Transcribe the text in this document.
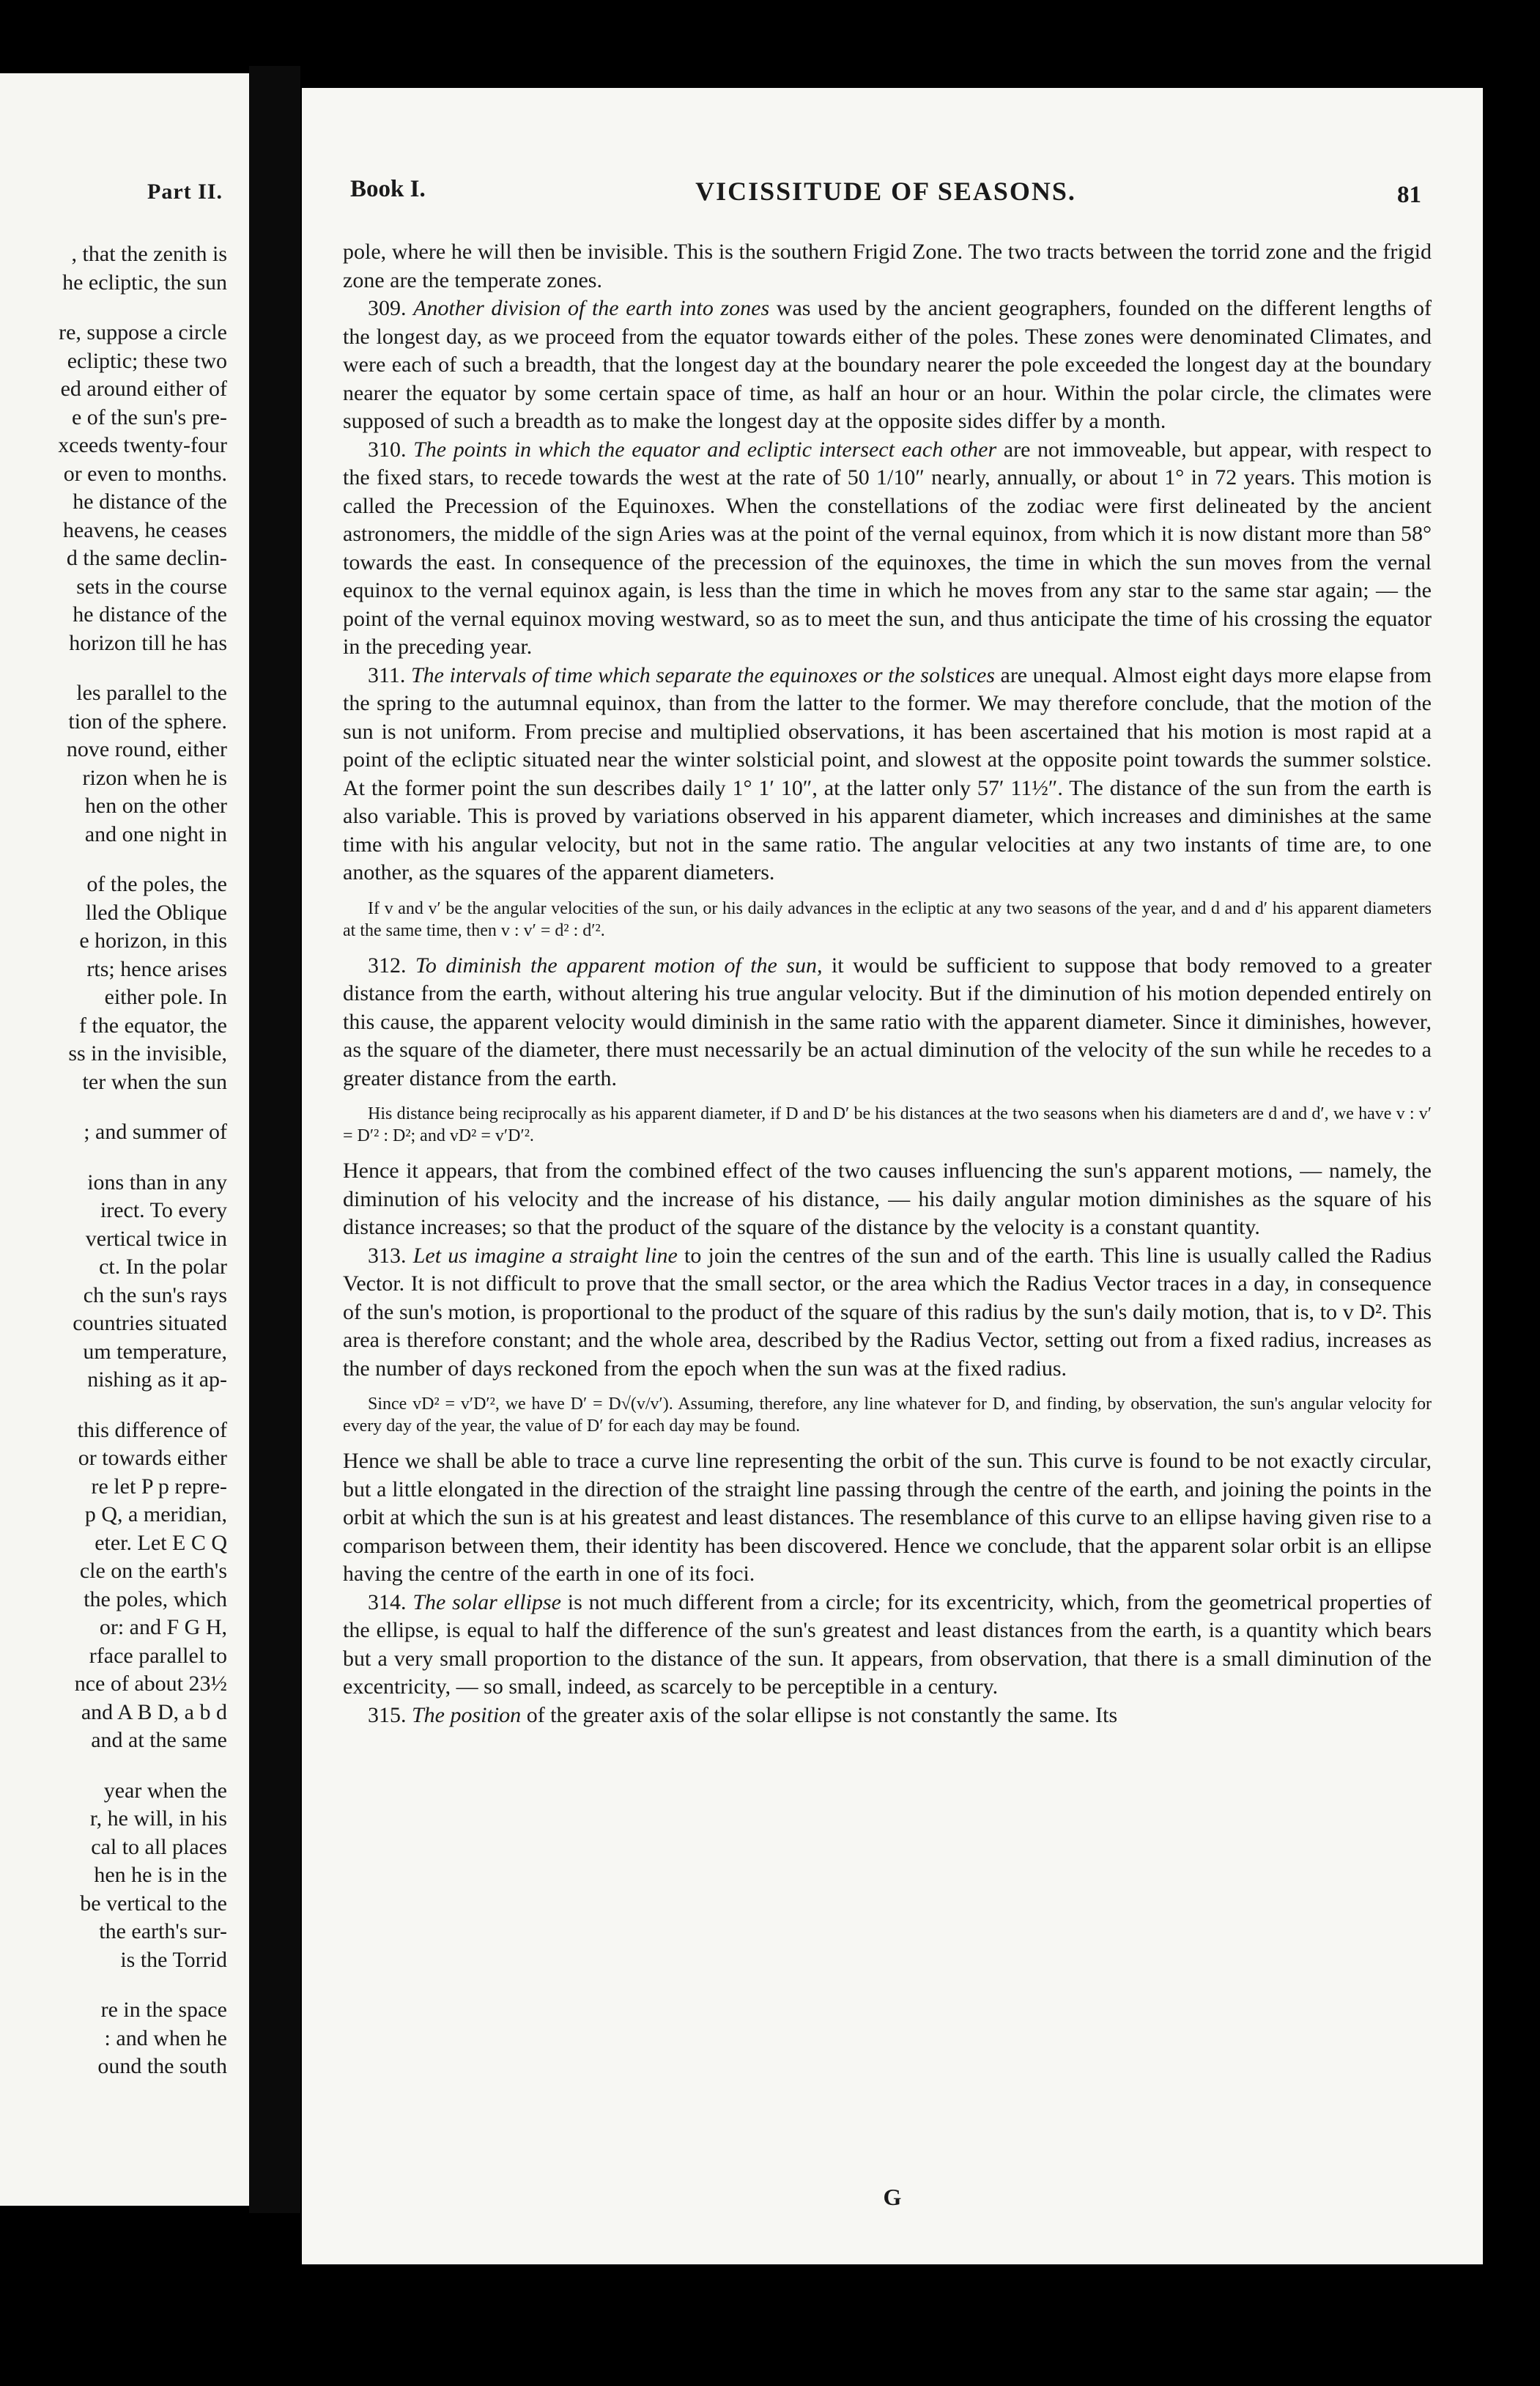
Part II.
, that the zenith is
he ecliptic, the sun
re, suppose a circle
ecliptic; these two
ed around either of
e of the sun's pre-
xceeds twenty-four
or even to months.
he distance of the
heavens, he ceases
d the same declin-
sets in the course
he distance of the
horizon till he has
les parallel to the
tion of the sphere.
nove round, either
rizon when he is
hen on the other
and one night in
of the poles, the
lled the Oblique
e horizon, in this
rts; hence arises
either pole. In
f the equator, the
ss in the invisible,
ter when the sun
; and summer of
ions than in any
irect. To every
vertical twice in
ct. In the polar
ch the sun's rays
countries situated
um temperature,
nishing as it ap-
this difference of
or towards either
re let P p repre-
p Q, a meridian,
eter. Let E C Q
cle on the earth's
the poles, which
or: and F G H,
rface parallel to
nce of about 23½
and A B D, a b d
and at the same
year when the
r, he will, in his
cal to all places
hen he is in the
be vertical to the
the earth's sur-
is the Torrid
re in the space
: and when he
ound the south
Book I.	VICISSITUDE OF SEASONS.	81

pole, where he will then be invisible. This is the southern Frigid Zone. The two tracts between the torrid zone and the frigid zone are the temperate zones.

309. Another division of the earth into zones was used by the ancient geographers, founded on the different lengths of the longest day, as we proceed from the equator towards either of the poles. These zones were denominated Climates, and were each of such a breadth, that the longest day at the boundary nearer the pole exceeded the longest day at the boundary nearer the equator by some certain space of time, as half an hour or an hour. Within the polar circle, the climates were supposed of such a breadth as to make the longest day at the opposite sides differ by a month.

310. The points in which the equator and ecliptic intersect each other are not immoveable, but appear, with respect to the fixed stars, to recede towards the west at the rate of 50 1/10″ nearly, annually, or about 1° in 72 years. This motion is called the Precession of the Equinoxes. When the constellations of the zodiac were first delineated by the ancient astronomers, the middle of the sign Aries was at the point of the vernal equinox, from which it is now distant more than 58° towards the east. In consequence of the precession of the equinoxes, the time in which the sun moves from the vernal equinox to the vernal equinox again, is less than the time in which he moves from any star to the same star again; — the point of the vernal equinox moving westward, so as to meet the sun, and thus anticipate the time of his crossing the equator in the preceding year.

311. The intervals of time which separate the equinoxes or the solstices are unequal. Almost eight days more elapse from the spring to the autumnal equinox, than from the latter to the former. We may therefore conclude, that the motion of the sun is not uniform. From precise and multiplied observations, it has been ascertained that his motion is most rapid at a point of the ecliptic situated near the winter solsticial point, and slowest at the opposite point towards the summer solstice. At the former point the sun describes daily 1° 1′ 10″, at the latter only 57′ 11½″. The distance of the sun from the earth is also variable. This is proved by variations observed in his apparent diameter, which increases and diminishes at the same time with his angular velocity, but not in the same ratio. The angular velocities at any two instants of time are, to one another, as the squares of the apparent diameters.

If v and v′ be the angular velocities of the sun, or his daily advances in the ecliptic at any two seasons of the year, and d and d′ his apparent diameters at the same time, then v : v′ = d² : d′².

312. To diminish the apparent motion of the sun, it would be sufficient to suppose that body removed to a greater distance from the earth, without altering his true angular velocity. But if the diminution of his motion depended entirely on this cause, the apparent velocity would diminish in the same ratio with the apparent diameter. Since it diminishes, however, as the square of the diameter, there must necessarily be an actual diminution of the velocity of the sun while he recedes to a greater distance from the earth.

His distance being reciprocally as his apparent diameter, if D and D′ be his distances at the two seasons when his diameters are d and d′, we have v : v′ = D′² : D²; and vD² = v′D′².

Hence it appears, that from the combined effect of the two causes influencing the sun's apparent motions, — namely, the diminution of his velocity and the increase of his distance, — his daily angular motion diminishes as the square of his distance increases; so that the product of the square of the distance by the velocity is a constant quantity.

313. Let us imagine a straight line to join the centres of the sun and of the earth. This line is usually called the Radius Vector. It is not difficult to prove that the small sector, or the area which the Radius Vector traces in a day, in consequence of the sun's motion, is proportional to the product of the square of this radius by the sun's daily motion, that is, to v D². This area is therefore constant; and the whole area, described by the Radius Vector, setting out from a fixed radius, increases as the number of days reckoned from the epoch when the sun was at the fixed radius.

Since vD² = v′D′², we have D′ = D√(v/v′). Assuming, therefore, any line whatever for D, and finding, by observation, the sun's angular velocity for every day of the year, the value of D′ for each day may be found.

Hence we shall be able to trace a curve line representing the orbit of the sun. This curve is found to be not exactly circular, but a little elongated in the direction of the straight line passing through the centre of the earth, and joining the points in the orbit at which the sun is at his greatest and least distances. The resemblance of this curve to an ellipse having given rise to a comparison between them, their identity has been discovered. Hence we conclude, that the apparent solar orbit is an ellipse having the centre of the earth in one of its foci.

314. The solar ellipse is not much different from a circle; for its excentricity, which, from the geometrical properties of the ellipse, is equal to half the difference of the sun's greatest and least distances from the earth, is a quantity which bears but a very small proportion to the distance of the sun. It appears, from observation, that there is a small diminution of the excentricity, — so small, indeed, as scarcely to be perceptible in a century.

315. The position of the greater axis of the solar ellipse is not constantly the same. Its

G
